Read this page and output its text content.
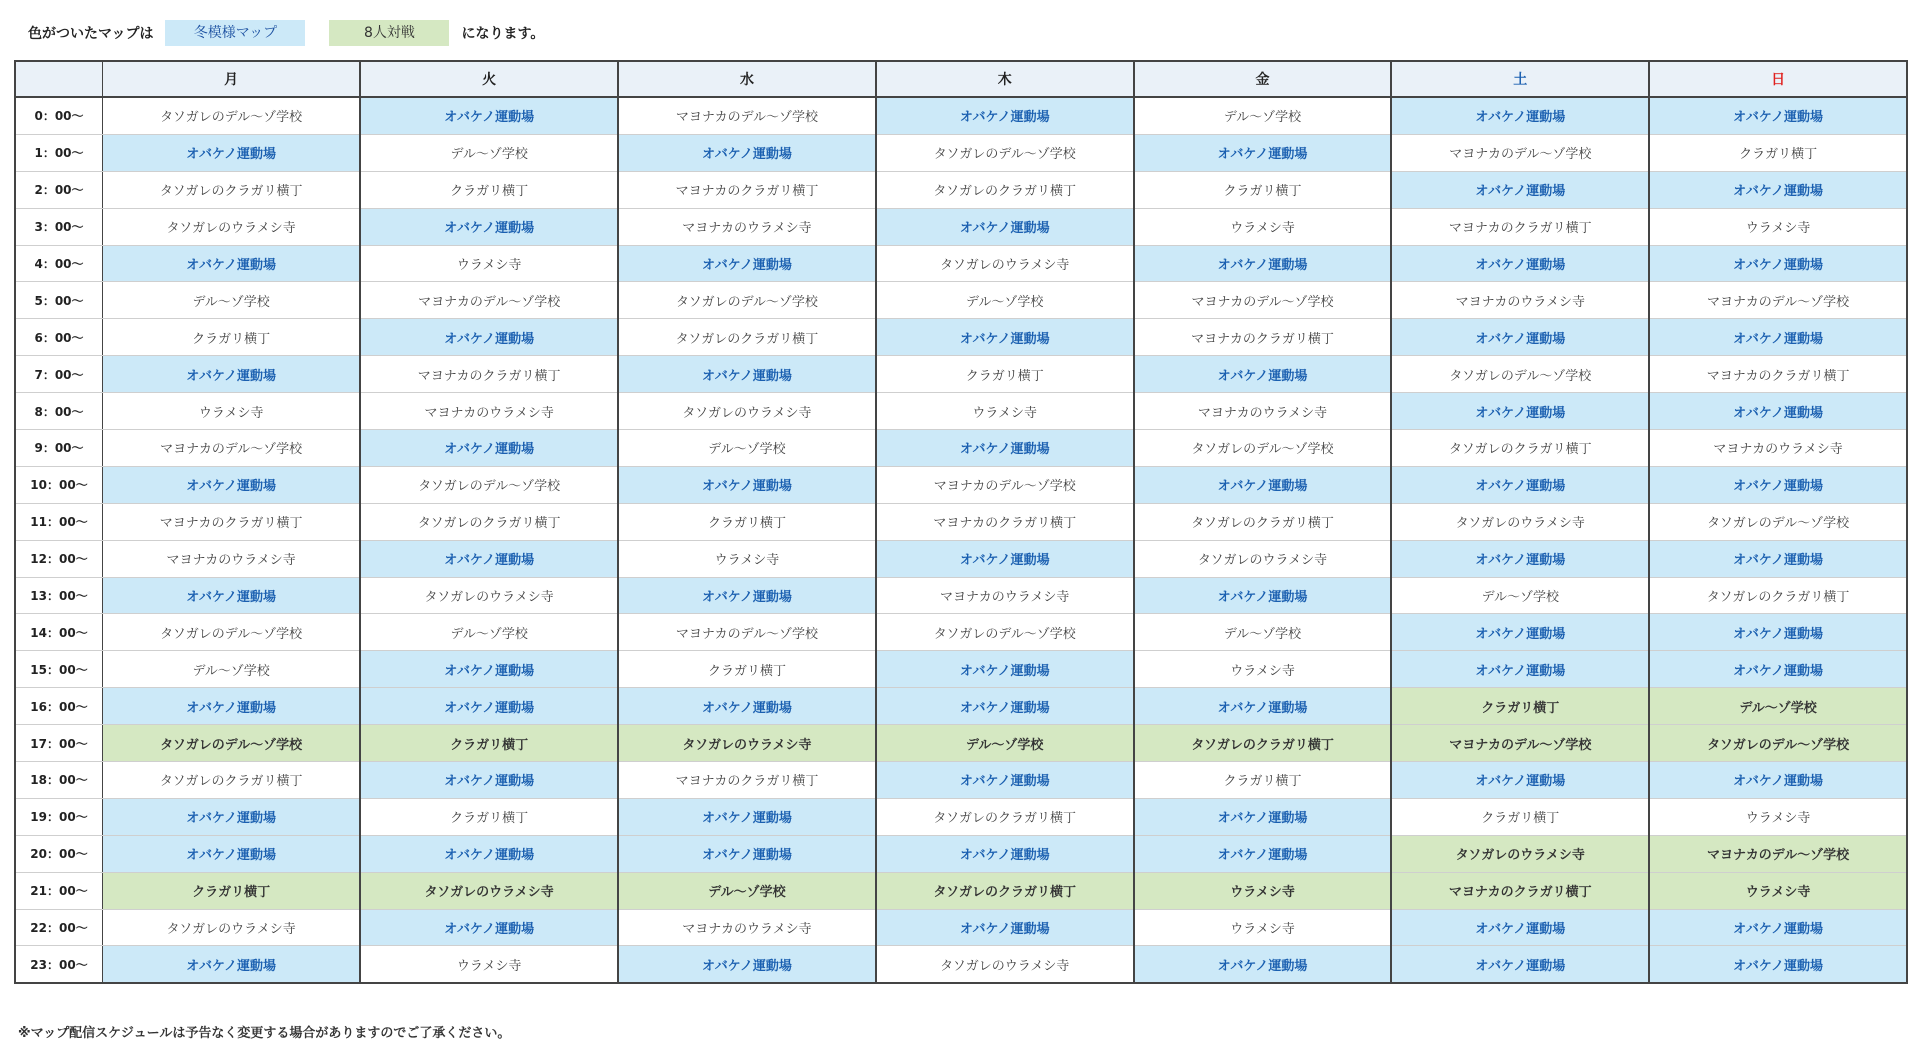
色がついたマップは	冬模様マップ	8人対戦	になります。
	月	火	水	木	金	土	日
0：00～	タソガレのデル～ゾ学校	オバケノ運動場	マヨナカのデル～ゾ学校	オバケノ運動場	デル～ゾ学校	オバケノ運動場	オバケノ運動場
1：00～	オバケノ運動場	デル～ゾ学校	オバケノ運動場	タソガレのデル～ゾ学校	オバケノ運動場	マヨナカのデル～ゾ学校	クラガリ横丁
2：00～	タソガレのクラガリ横丁	クラガリ横丁	マヨナカのクラガリ横丁	タソガレのクラガリ横丁	クラガリ横丁	オバケノ運動場	オバケノ運動場
3：00～	タソガレのウラメシ寺	オバケノ運動場	マヨナカのウラメシ寺	オバケノ運動場	ウラメシ寺	マヨナカのクラガリ横丁	ウラメシ寺
4：00～	オバケノ運動場	ウラメシ寺	オバケノ運動場	タソガレのウラメシ寺	オバケノ運動場	オバケノ運動場	オバケノ運動場
5：00～	デル～ゾ学校	マヨナカのデル～ゾ学校	タソガレのデル～ゾ学校	デル～ゾ学校	マヨナカのデル～ゾ学校	マヨナカのウラメシ寺	マヨナカのデル～ゾ学校
6：00～	クラガリ横丁	オバケノ運動場	タソガレのクラガリ横丁	オバケノ運動場	マヨナカのクラガリ横丁	オバケノ運動場	オバケノ運動場
7：00～	オバケノ運動場	マヨナカのクラガリ横丁	オバケノ運動場	クラガリ横丁	オバケノ運動場	タソガレのデル～ゾ学校	マヨナカのクラガリ横丁
8：00～	ウラメシ寺	マヨナカのウラメシ寺	タソガレのウラメシ寺	ウラメシ寺	マヨナカのウラメシ寺	オバケノ運動場	オバケノ運動場
9：00～	マヨナカのデル～ゾ学校	オバケノ運動場	デル～ゾ学校	オバケノ運動場	タソガレのデル～ゾ学校	タソガレのクラガリ横丁	マヨナカのウラメシ寺
10：00～	オバケノ運動場	タソガレのデル～ゾ学校	オバケノ運動場	マヨナカのデル～ゾ学校	オバケノ運動場	オバケノ運動場	オバケノ運動場
11：00～	マヨナカのクラガリ横丁	タソガレのクラガリ横丁	クラガリ横丁	マヨナカのクラガリ横丁	タソガレのクラガリ横丁	タソガレのウラメシ寺	タソガレのデル～ゾ学校
12：00～	マヨナカのウラメシ寺	オバケノ運動場	ウラメシ寺	オバケノ運動場	タソガレのウラメシ寺	オバケノ運動場	オバケノ運動場
13：00～	オバケノ運動場	タソガレのウラメシ寺	オバケノ運動場	マヨナカのウラメシ寺	オバケノ運動場	デル～ゾ学校	タソガレのクラガリ横丁
14：00～	タソガレのデル～ゾ学校	デル～ゾ学校	マヨナカのデル～ゾ学校	タソガレのデル～ゾ学校	デル～ゾ学校	オバケノ運動場	オバケノ運動場
15：00～	デル～ゾ学校	オバケノ運動場	クラガリ横丁	オバケノ運動場	ウラメシ寺	オバケノ運動場	オバケノ運動場
16：00～	オバケノ運動場	オバケノ運動場	オバケノ運動場	オバケノ運動場	オバケノ運動場	クラガリ横丁	デル～ゾ学校
17：00～	タソガレのデル～ゾ学校	クラガリ横丁	タソガレのウラメシ寺	デル～ゾ学校	タソガレのクラガリ横丁	マヨナカのデル～ゾ学校	タソガレのデル～ゾ学校
18：00～	タソガレのクラガリ横丁	オバケノ運動場	マヨナカのクラガリ横丁	オバケノ運動場	クラガリ横丁	オバケノ運動場	オバケノ運動場
19：00～	オバケノ運動場	クラガリ横丁	オバケノ運動場	タソガレのクラガリ横丁	オバケノ運動場	クラガリ横丁	ウラメシ寺
20：00～	オバケノ運動場	オバケノ運動場	オバケノ運動場	オバケノ運動場	オバケノ運動場	タソガレのウラメシ寺	マヨナカのデル～ゾ学校
21：00～	クラガリ横丁	タソガレのウラメシ寺	デル～ゾ学校	タソガレのクラガリ横丁	ウラメシ寺	マヨナカのクラガリ横丁	ウラメシ寺
22：00～	タソガレのウラメシ寺	オバケノ運動場	マヨナカのウラメシ寺	オバケノ運動場	ウラメシ寺	オバケノ運動場	オバケノ運動場
23：00～	オバケノ運動場	ウラメシ寺	オバケノ運動場	タソガレのウラメシ寺	オバケノ運動場	オバケノ運動場	オバケノ運動場
※マップ配信スケジュールは予告なく変更する場合がありますのでご了承ください。
